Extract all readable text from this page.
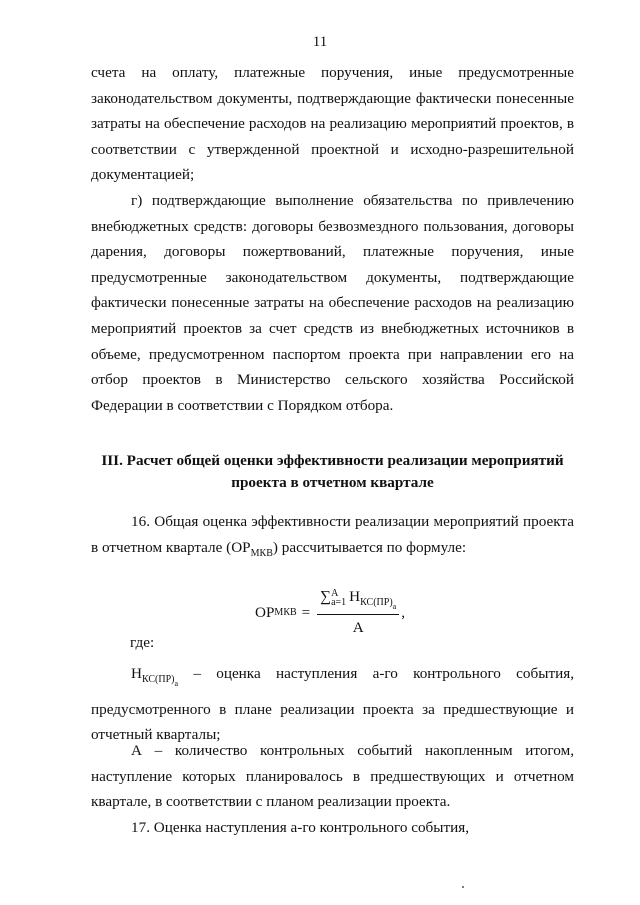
11
счета на оплату, платежные поручения, иные предусмотренные законодательством документы, подтверждающие фактически понесенные затраты на обеспечение расходов на реализацию мероприятий проектов, в соответствии с утвержденной проектной и исходно-разрешительной документацией;
г) подтверждающие выполнение обязательства по привлечению внебюджетных средств: договоры безвозмездного пользования, договоры дарения, договоры пожертвований, платежные поручения, иные предусмотренные законодательством документы, подтверждающие фактически понесенные затраты на обеспечение расходов на реализацию мероприятий проектов за счет средств из внебюджетных источников в объеме, предусмотренном паспортом проекта при направлении его на отбор проектов в Министерство сельского хозяйства Российской Федерации в соответствии с Порядком отбора.
III. Расчет общей оценки эффективности реализации мероприятий
проекта в отчетном квартале
16. Общая оценка эффективности реализации мероприятий проекта в отчетном квартале $(ОР_{МКВ})$ рассчитывается по формуле:
ОР МКВ = ∑ A
a=1 $Н_{КС(ПР)_a}$
A ,
где:
$Н_{КС(ПР)_а}$ – оценка наступления а-го контрольного события, предусмотренного в плане реализации проекта за предшествующие и отчетный кварталы;
А – количество контрольных событий накопленным итогом, наступление которых планировалось в предшествующих и отчетном квартале, в соответствии с планом реализации проекта.
17. Оценка наступления а-го контрольного события,
